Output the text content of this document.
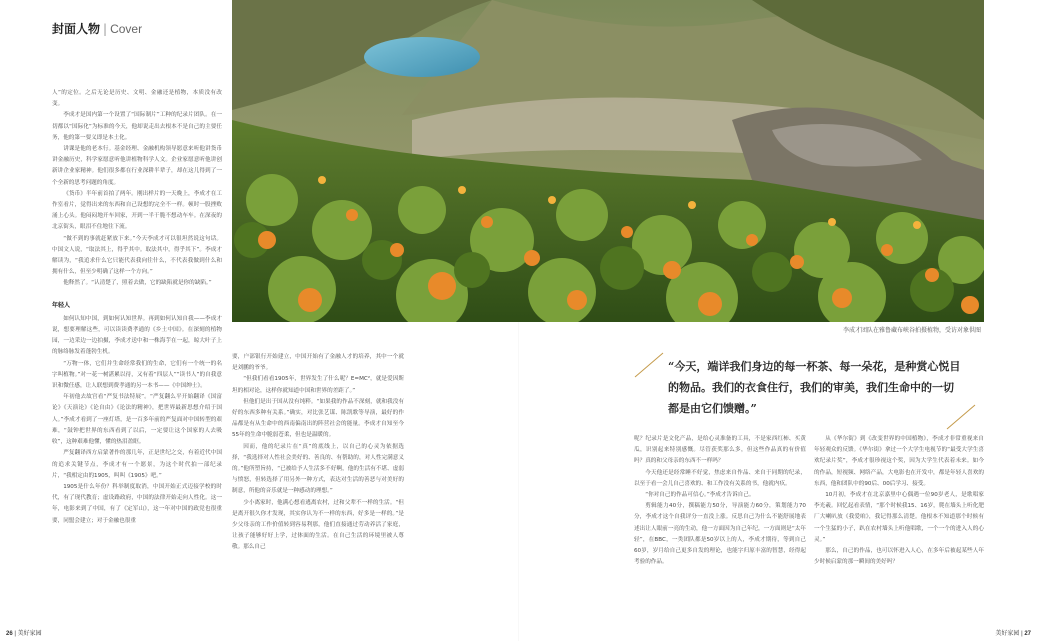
封面人物 | Cover
李成才团队在雅鲁藏布峡谷拍摄植物，受访对象供图

人”的定位。之后无论是历史、文明、金融还是植物，本质没有改变。

李成才是国内第一个设置了“国际制片”工种的纪录片团队。在一切都以“国际化”为标准的今天，他却说走出去根本不是自己的主要任务，他的第一要义即是本土化。

讲课是他的老本行。基金经理、金融机构领导愿意来听他讲货币讲金融历史，科学家愿意听他讲植物科学人文。企业家愿意听他讲创新讲企业家精神。他们很多都在行业深耕半辈子，却在这儿得到了一个全新的思考问题的角度。

《货币》半年前首拍了两年。刚出样片的一天晚上，李成才在工作室看片，觉得出来的东西和自己设想的完全不一样。顿时一股挫败涌上心头。他闷闷地开车回家，开到一半干脆不想动车车。在深夜的北京街头，眼泪不住地往下流。

“做不到的事就赶紧放下来。”今天李成才可以很坦然说这句话。中国文人说，“取法其上，得乎其中。取法其中，得乎其下”。李成才解读为，“我追求什么它只能代表我向往什么，不代表我做到什么和拥有什么，但至少明确了这样一个方向。”

他释然了。“认清楚了，照着去做，它的缺陷就是你的缺陷。”

年轻人

如何认知中国，到如何认知世界。再到如何认知自我——李成才说，想要理解这些，可以读读费孝通的《乡土中国》。在深刻的植物园，一边采边一边拍摄，李成才送中和一株海芋在一起，晾大叶子上的脉络脉发着蓬勃生机。

“万物一体，它们并生命经常我们的生命，它们有一个统一的名字叫植物。”对一花一树湛累以待，又有着“四层人”“读书人”的自我意识和微任感，让人联想到费孝通的另一本书——《中国绅士》。

年初他去故宫看“严复书法特展”。“严复翻么平开始翻译《国富论》《天演论》《论自由》《论法的精神》，把世界最新思想介绍于国人。”李成才看到了一座灯塔，是一百多年前的严复面对中国转型的艰难，“鼓钟把世界的东西看到了以后，一定要让这个国家的人去吸收”，这种艰难他懂，懂的热泪盈眶。

严复翻译西方启蒙著作的那几年，正是世纪之交，有着近代中国的追求关键节点，李成才有一个愿景，为这个时代拍一部纪录片，“我相定由的1905，叫叫《1905》吧。”

1905是什么年份？科举制度取消，中国开始正式迈接学校的时代，有了现代教育；虚设路政府，中国的法律开始走向人性化。这一年，电影来到了中国，有了《定军山》，这一年对中国的政党也很重要，同盟会建立；对于金融也很重

要，户部银行开始建立，中国开始有了金融人才的培养，其中一个就是刘鹏的爷爷。

“但我们看看1905年，世界发生了什么呢？E=MC²，就是爱因斯坦的相对论，这样你就知道中国和世界的差距了。”

但他们是出于国从没有纯粹。“如果我的作品不深刻，就和我没有好的东西多种有关系。”确实，对比张艺谋、陈凯歌等导演，最好的作品都是有从生命中的西南偏南出的阵营社会的能量。李成才自知至今55年的生命中脆弱苍柔，但也是温暖的。

因而，他的纪录片在“真”的底线上，以自己的心灵为依据选择，“我选择对人性社会美好的、善良的、有帮助的，对人性完满意义的。”他所塑旨持，“已被给予人生活多不好啊，他的生活有不堪、虚弱与愤怒，但转选择了用另外一种方式，表达对生活的善恶与对美好的制意，所他的音乐就是一种感动的理想。”

少小离家时，他满心想看逃离农村，过和父辈不一样的生活。“但是离开很久你才发现，其实你认为不一样的东西，好多是一样的。”是少父母亲的工作价值转到容易利那，他们直接通过劳动养活了家庭，让孩子能够好好上学，过体面的生活。在自己生活的环境里被人尊敬。那么自己

“今天，端详我们身边的每一杯茶、每一朵花，是种赏心悦目的物品。我们的衣食住行，我们的审美，我们生命中的一切都是由它们馈赠。”

呢？纪录片是文化产品，是给心灵准备的工具，不是家西红柿、买黄瓜，识别起来特别感慨。尽管获奖那么多，但这些作品真的有价值吗？真的和父母亲的东西不一样吗？

今天他还是经常睡不好觉，焦虑来自作品、来自于同期的纪录，以至于看一会儿自己喜欢的、和工作没有关系的书，他就内疚。

“你对自己的作品可信心。”李成才告诉自己。

剪辑能力40分，撰稿能力50分，导演能力60分，策划能力70分，李成才这个自我评分一直没上涨。反思自己为什么不能舒展地表述出让人眼前一亮的生动，他一方面因为自己年纪，一方面则是“太年轻”，在BBC，一类团队都是50岁以上的人，李成才期待，等到自己60岁，岁月给自己更多自发的理论，也能字归原丰富的智慧，经得起考验的作品。

从《华尔街》到《改变世界的中国植物》，李成才非常重视来自年轻观众的反馈。《华尔街》拿过一个大学生电视节的“最受大学生喜欢纪录片奖”，李成才很珍视这个奖，因为大学生代表着未来。如今的作品，短视频、网络产品，大电影也在开发中，都是年轻人喜欢的东西，他和团队中的90后、00后学习、接受。

10月初，李成才在北京嘉里中心偶遇一位90岁老人，是歌唱家李光羲。回忆起看表情，“那个时候我15、16岁，爬在墙头上听化肥厂大喇叭放《我爱咱》，我记得那么清楚。他根本不知道那个时候有一个生猛的小子，趴在农村墙头上听他唱歌，一个一个的进入人的心灵。”

那么，自己的作品，也可以怀进入人心，在多年后被起某些人年少时候启蒙的那一瞬间的美好吗？

26 | 美好家园	美好家园 | 27
